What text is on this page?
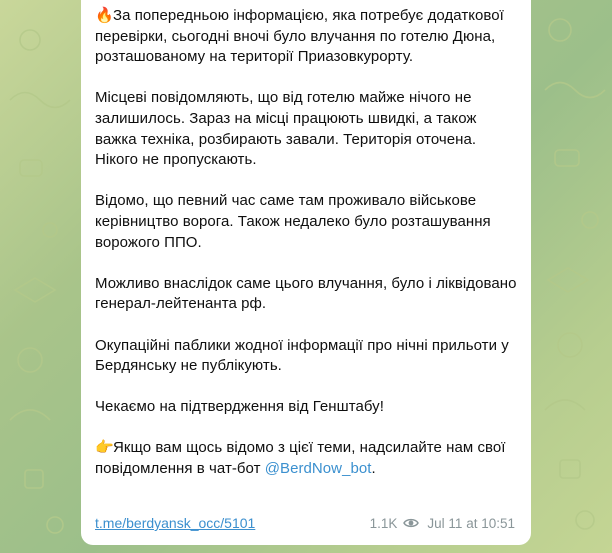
🔥За попередньою інформацією, яка потребує додаткової перевірки, сьогодні вночі було влучання по готелю Дюна, розташованому на території Приазовкурорту.

Місцеві повідомляють, що від готелю майже нічого не залишилось. Зараз на місці працюють швидкі, а також важка техніка, розбирають завали. Територія оточена. Нікого не пропускають.

Відомо, що певний час саме там проживало військове керівництво ворога. Також недалеко було розташування ворожого ППО.

Можливо внаслідок саме цього влучання, було і ліквідовано генерал-лейтенанта рф.

Окупаційні паблики жодної інформації про нічні прильоти у Бердянську не публікують.

Чекаємо на підтвердження від Генштабу!

👉Якщо вам щось відомо з цієї теми, надсилайте нам свої повідомлення в чат-бот @BerdNow_bot.

t.me/berdyansk_occ/5101	1.1K Jul 11 at 10:51
